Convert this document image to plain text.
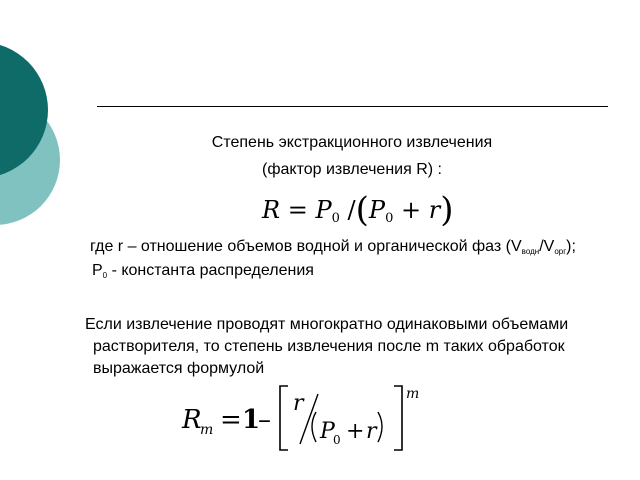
Степень экстракционного извлечения
(фактор извлечения R) :
$R = P_0$ $/(P_0 + r)$
где r – отношение объемов водной и органической фаз (Vводн/Vорг);
P0 - константа распределения
Если извлечение проводят многократно одинаковыми объемами
растворителя, то степень извлечения после m таких обработок
выражается формулой
R
m = 1
–
r
P
0 + r
m
